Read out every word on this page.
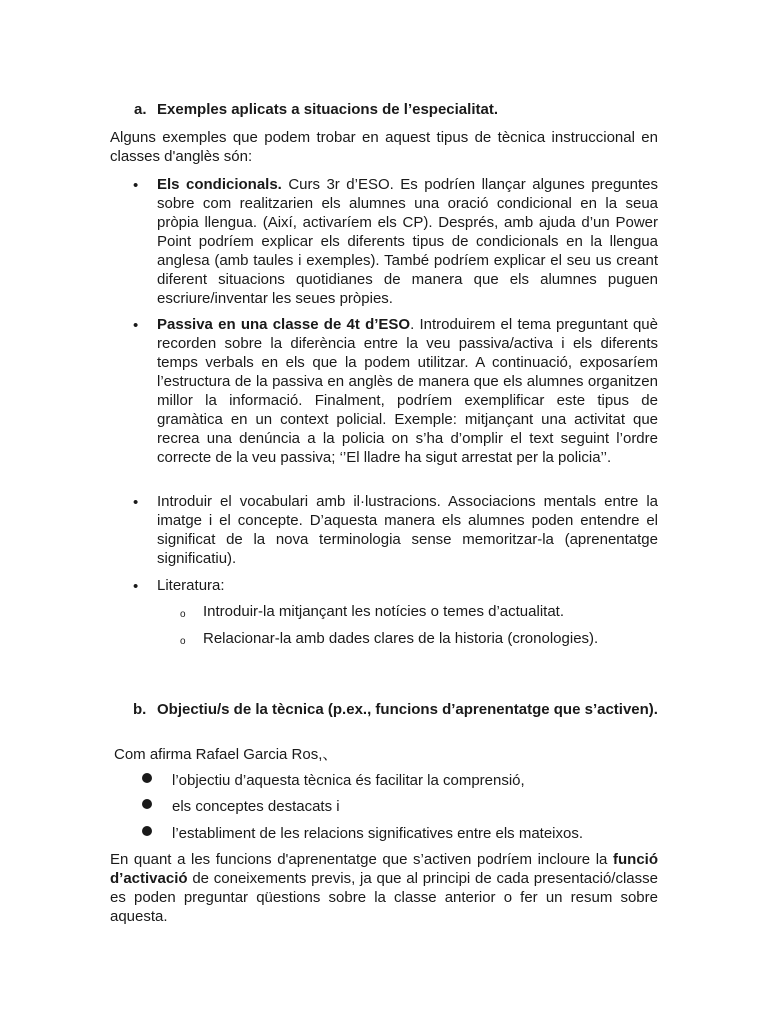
a. Exemples aplicats a situacions de l’especialitat.
Alguns exemples que podem trobar en aquest tipus de tècnica instruccional en classes d'anglès són:
• Els condicionals. Curs 3r d’ESO. Es podríen llançar algunes preguntes sobre com realitzarien els alumnes una oració condicional en la seua pròpia llengua. (Així, activaríem els CP). Després, amb ajuda d’un Power Point podríem explicar els diferents tipus de condicionals en la llengua anglesa (amb taules i exemples). També podríem explicar el seu us creant diferent situacions quotidianes de manera que els alumnes puguen escriure/inventar les seues pròpies.
• Passiva en una classe de 4t d’ESO. Introduirem el tema preguntant què recorden sobre la diferència entre la veu passiva/activa i els diferents temps verbals en els que la podem utilitzar. A continuació, exposaríem l’estructura de la passiva en anglès de manera que els alumnes organitzen millor la informació. Finalment, podríem exemplificar este tipus de gramàtica en un context policial. Exemple: mitjançant una activitat que recrea una denúncia a la policia on s’ha d’omplir el text seguint l’ordre correcte de la veu passiva; ‘’El lladre ha sigut arrestat per la policia’’.
• Introduir el vocabulari amb il·lustracions. Associacions mentals entre la imatge i el concepte. D’aquesta manera els alumnes poden entendre el significat de la nova terminologia sense memoritzar-la (aprenentatge significatiu).
• Literatura:
o Introduir-la mitjançant les notícies o temes d’actualitat.
o Relacionar-la amb dades clares de la historia (cronologies).
b. Objectiu/s de la tècnica (p.ex., funcions d’aprenentatge que s’activen).
Com afirma Rafael Garcia Ros,、
l’objectiu d’aquesta tècnica és facilitar la comprensió,
els conceptes destacats i
l’establiment de les relacions significatives entre els mateixos.
En quant a les funcions d'aprenentatge que s’activen podríem incloure la funció d’activació de coneixements previs, ja que al principi de cada presentació/classe es poden preguntar qüestions sobre la classe anterior o fer un resum sobre aquesta.
